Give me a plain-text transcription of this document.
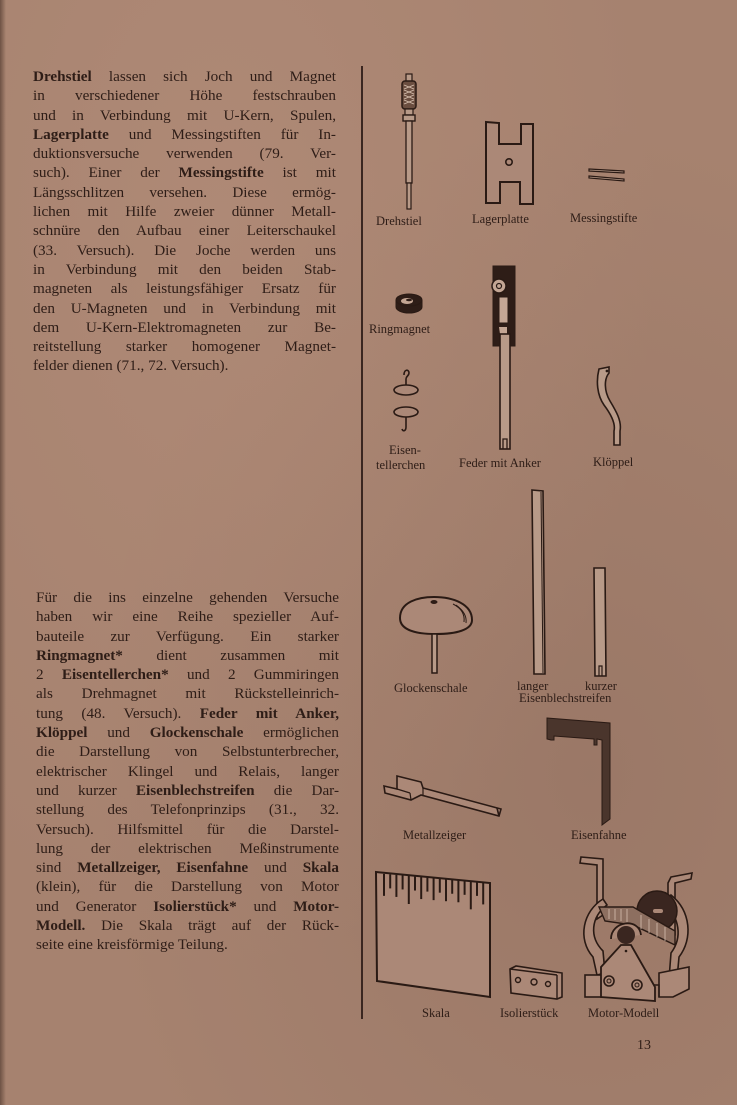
Drehstiel lassen sich Joch und Magnet
in verschiedener Höhe festschrauben
und in Verbindung mit U-Kern, Spulen,
Lagerplatte und Messingstiften für In-
duktionsversuche verwenden (79. Ver-
such). Einer der Messingstifte ist mit
Längsschlitzen versehen. Diese ermög-
lichen mit Hilfe zweier dünner Metall-
schnüre den Aufbau einer Leiterschaukel
(33. Versuch). Die Joche werden uns
in Verbindung mit den beiden Stab-
magneten als leistungsfähiger Ersatz für
den U-Magneten und in Verbindung mit
dem U-Kern-Elektromagneten zur Be-
reitstellung starker homogener Magnet-
felder dienen (71., 72. Versuch).
Für die ins einzelne gehenden Versuche
haben wir eine Reihe spezieller Auf-
bauteile zur Verfügung. Ein starker
Ringmagnet* dient zusammen mit
2 Eisentellerchen* und 2 Gummiringen
als Drehmagnet mit Rückstelleinrich-
tung (48. Versuch). Feder mit Anker,
Klöppel und Glockenschale ermöglichen
die Darstellung von Selbstunterbrecher,
elektrischer Klingel und Relais, langer
und kurzer Eisenblechstreifen die Dar-
stellung des Telefonprinzips (31., 32.
Versuch). Hilfsmittel für die Darstel-
lung der elektrischen Meßinstrumente
sind Metallzeiger, Eisenfahne und Skala
(klein), für die Darstellung von Motor
und Generator Isolierstück* und Motor-
Modell. Die Skala trägt auf der Rück-
seite eine kreisförmige Teilung.
Drehstiel	Lagerplatte	Messingstifte
Ringmagnet
Eisen-
tellerchen	Feder mit Anker	Klöppel
Glockenschale	langer	kurzer
Eisenblechstreifen
Metallzeiger	Eisenfahne
Skala	Isolierstück Motor-Modell
13
